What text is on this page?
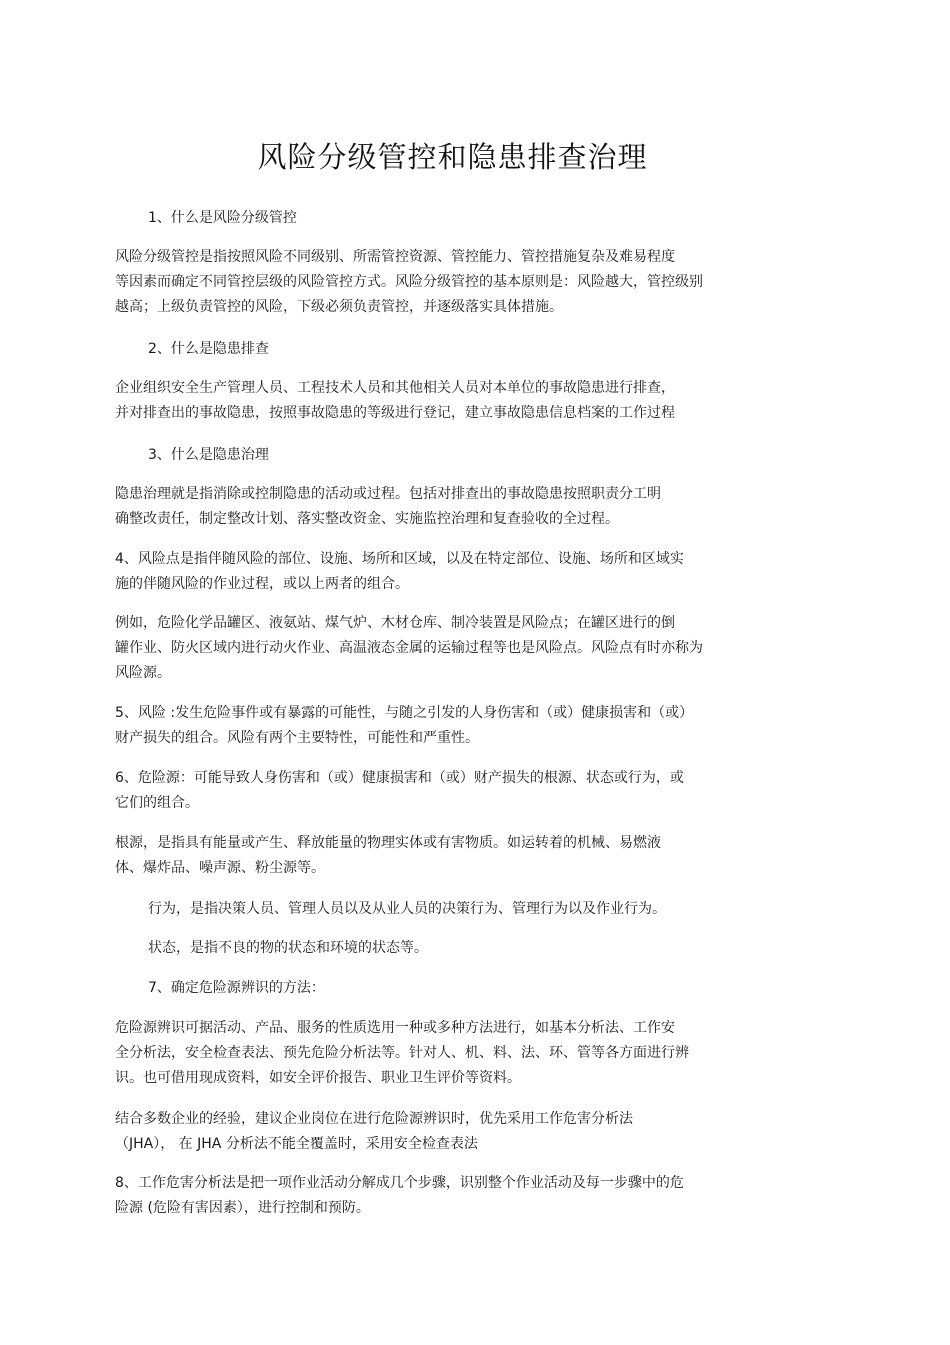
风险分级管控和隐患排查治理

1、什么是风险分级管控

风险分级管控是指按照风险不同级别、所需管控资源、管控能力、管控措施复杂及难易程度
等因素而确定不同管控层级的风险管控方式。风险分级管控的基本原则是：风险越大，管控级别
越高；上级负责管控的风险，下级必须负责管控，并逐级落实具体措施。

2、什么是隐患排查

企业组织安全生产管理人员、工程技术人员和其他相关人员对本单位的事故隐患进行排查，
并对排查出的事故隐患，按照事故隐患的等级进行登记，建立事故隐患信息档案的工作过程

3、什么是隐患治理

隐患治理就是指消除或控制隐患的活动或过程。包括对排查出的事故隐患按照职责分工明
确整改责任，制定整改计划、落实整改资金、实施监控治理和复查验收的全过程。

4、风险点是指伴随风险的部位、设施、场所和区域，以及在特定部位、设施、场所和区域实
施的伴随风险的作业过程，或以上两者的组合。

例如，危险化学品罐区、液氨站、煤气炉、木材仓库、制冷装置是风险点；在罐区进行的倒
罐作业、防火区域内进行动火作业、高温液态金属的运输过程等也是风险点。风险点有时亦称为
风险源。

5、风险 :发生危险事件或有暴露的可能性，与随之引发的人身伤害和（或）健康损害和（或）
财产损失的组合。风险有两个主要特性，可能性和严重性。

6、危险源：可能导致人身伤害和（或）健康损害和（或）财产损失的根源、状态或行为，或
它们的组合。

根源，是指具有能量或产生、释放能量的物理实体或有害物质。如运转着的机械、易燃液
体、爆炸品、噪声源、粉尘源等。

行为，是指决策人员、管理人员以及从业人员的决策行为、管理行为以及作业行为。

状态，是指不良的物的状态和环境的状态等。

7、确定危险源辨识的方法：

危险源辨识可据活动、产品、服务的性质选用一种或多种方法进行，如基本分析法、工作安
全分析法，安全检查表法、预先危险分析法等。针对人、机、料、法、环、管等各方面进行辨
识。也可借用现成资料，如安全评价报告、职业卫生评价等资料。

结合多数企业的经验，建议企业岗位在进行危险源辨识时，优先采用工作危害分析法
（JHA）， 在 JHA 分析法不能全覆盖时，采用安全检查表法

8、工作危害分析法是把一项作业活动分解成几个步骤，识别整个作业活动及每一步骤中的危
险源 (危险有害因素），进行控制和预防。
